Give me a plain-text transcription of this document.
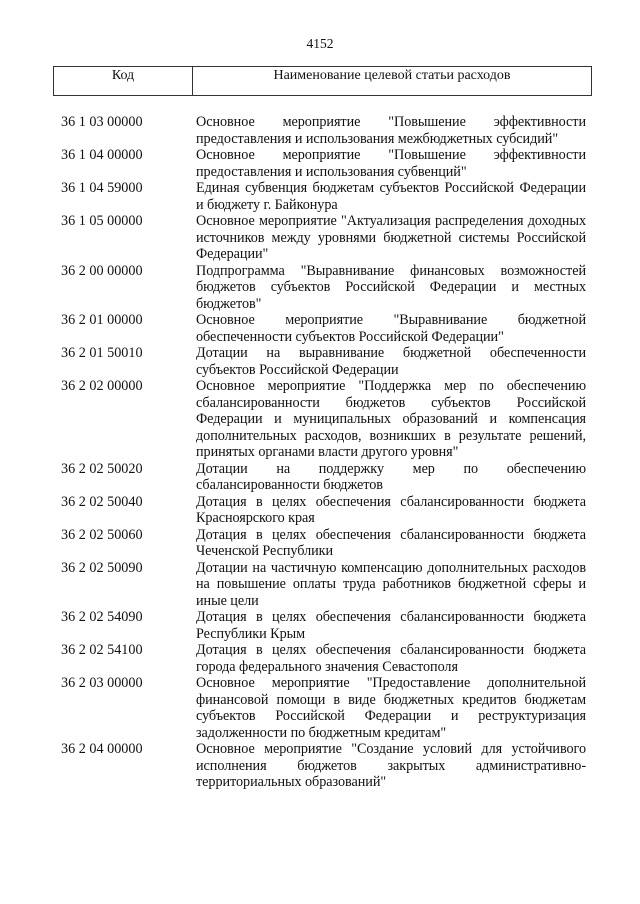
4152
Код	Наименование целевой статьи расходов
36 1 03 00000	Основное мероприятие "Повышение эффективности предоставления и использования межбюджетных субсидий"
36 1 04 00000	Основное мероприятие "Повышение эффективности предоставления и использования субвенций"
36 1 04 59000	Единая субвенция бюджетам субъектов Российской Федерации и бюджету г. Байконура
36 1 05 00000	Основное мероприятие "Актуализация распределения доходных источников между уровнями бюджетной системы Российской Федерации"
36 2 00 00000	Подпрограмма "Выравнивание финансовых возможностей бюджетов субъектов Российской Федерации и местных бюджетов"
36 2 01 00000	Основное мероприятие "Выравнивание бюджетной обеспеченности субъектов Российской Федерации"
36 2 01 50010	Дотации на выравнивание бюджетной обеспеченности субъектов Российской Федерации
36 2 02 00000	Основное мероприятие "Поддержка мер по обеспечению сбалансированности бюджетов субъектов Российской Федерации и муниципальных образований и компенсация дополнительных расходов, возникших в результате решений, принятых органами власти другого уровня"
36 2 02 50020	Дотации на поддержку мер по обеспечению сбалансированности бюджетов
36 2 02 50040	Дотация в целях обеспечения сбалансированности бюджета Красноярского края
36 2 02 50060	Дотация в целях обеспечения сбалансированности бюджета Чеченской Республики
36 2 02 50090	Дотации на частичную компенсацию дополнительных расходов на повышение оплаты труда работников бюджетной сферы и иные цели
36 2 02 54090	Дотация в целях обеспечения сбалансированности бюджета Республики Крым
36 2 02 54100	Дотация в целях обеспечения сбалансированности бюджета города федерального значения Севастополя
36 2 03 00000	Основное мероприятие "Предоставление дополнительной финансовой помощи в виде бюджетных кредитов бюджетам субъектов Российской Федерации и реструктуризация задолженности по бюджетным кредитам"
36 2 04 00000	Основное мероприятие "Создание условий для устойчивого исполнения бюджетов закрытых административно-территориальных образований"
